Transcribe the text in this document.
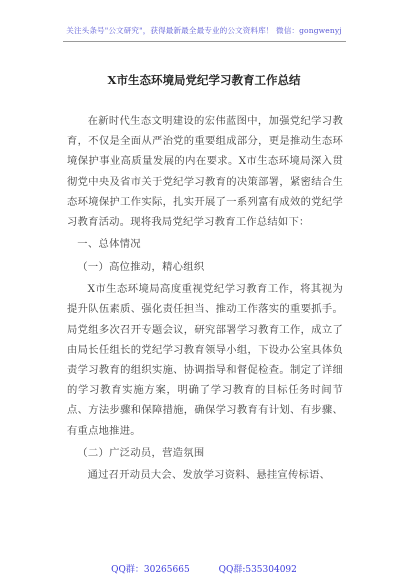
关注头条号"公文研究"，获得最新最全最专业的公文资料库！ 微信：gongwenyj
X市生态环境局党纪学习教育工作总结

在新时代生态文明建设的宏伟蓝图中，加强党纪学习教育，不仅是全面从严治党的重要组成部分，更是推动生态环境保护事业高质量发展的内在要求。X市生态环境局深入贯彻党中央及省市关于党纪学习教育的决策部署，紧密结合生态环境保护工作实际，扎实开展了一系列富有成效的党纪学习教育活动。现将我局党纪学习教育工作总结如下：

一、总体情况
（一）高位推动，精心组织

X市生态环境局高度重视党纪学习教育工作，将其视为提升队伍素质、强化责任担当、推动工作落实的重要抓手。局党组多次召开专题会议，研究部署学习教育工作，成立了由局长任组长的党纪学习教育领导小组，下设办公室具体负责学习教育的组织实施、协调指导和督促检查。制定了详细的学习教育实施方案，明确了学习教育的目标任务时间节点、方法步骤和保障措施，确保学习教育有计划、有步骤、有重点地推进。

（二）广泛动员，营造氛围

通过召开动员大会、发放学习资料、悬挂宣传标语、

QQ群：30265665	QQ群:535304092
